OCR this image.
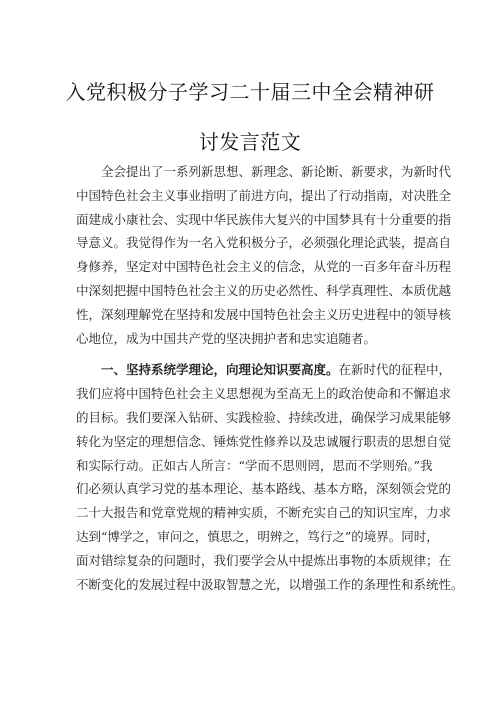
入党积极分子学习二十届三中全会精神研
讨发言范文
全会提出了一系列新思想、新理念、新论断、新要求，为新时代
中国特色社会主义事业指明了前进方向，提出了行动指南，对决胜全
面建成小康社会、实现中华民族伟大复兴的中国梦具有十分重要的指
导意义。我觉得作为一名入党积极分子，必须强化理论武装，提高自
身修养，坚定对中国特色社会主义的信念，从党的一百多年奋斗历程
中深刻把握中国特色社会主义的历史必然性、科学真理性、本质优越
性，深刻理解党在坚持和发展中国特色社会主义历史进程中的领导核
心地位，成为中国共产党的坚决拥护者和忠实追随者。
一、坚持系统学理论，向理论知识要高度。在新时代的征程中，
我们应将中国特色社会主义思想视为至高无上的政治使命和不懈追求
的目标。我们要深入钻研、实践检验、持续改进，确保学习成果能够
转化为坚定的理想信念、锤炼党性修养以及忠诚履行职责的思想自觉
和实际行动。正如古人所言：“学而不思则罔，思而不学则殆。”我
们必须认真学习党的基本理论、基本路线、基本方略，深刻领会党的
二十大报告和党章党规的精神实质，不断充实自己的知识宝库，力求
达到“博学之，审问之，慎思之，明辨之，笃行之”的境界。同时，
面对错综复杂的问题时，我们要学会从中提炼出事物的本质规律；在
不断变化的发展过程中汲取智慧之光，以增强工作的条理性和系统性。
